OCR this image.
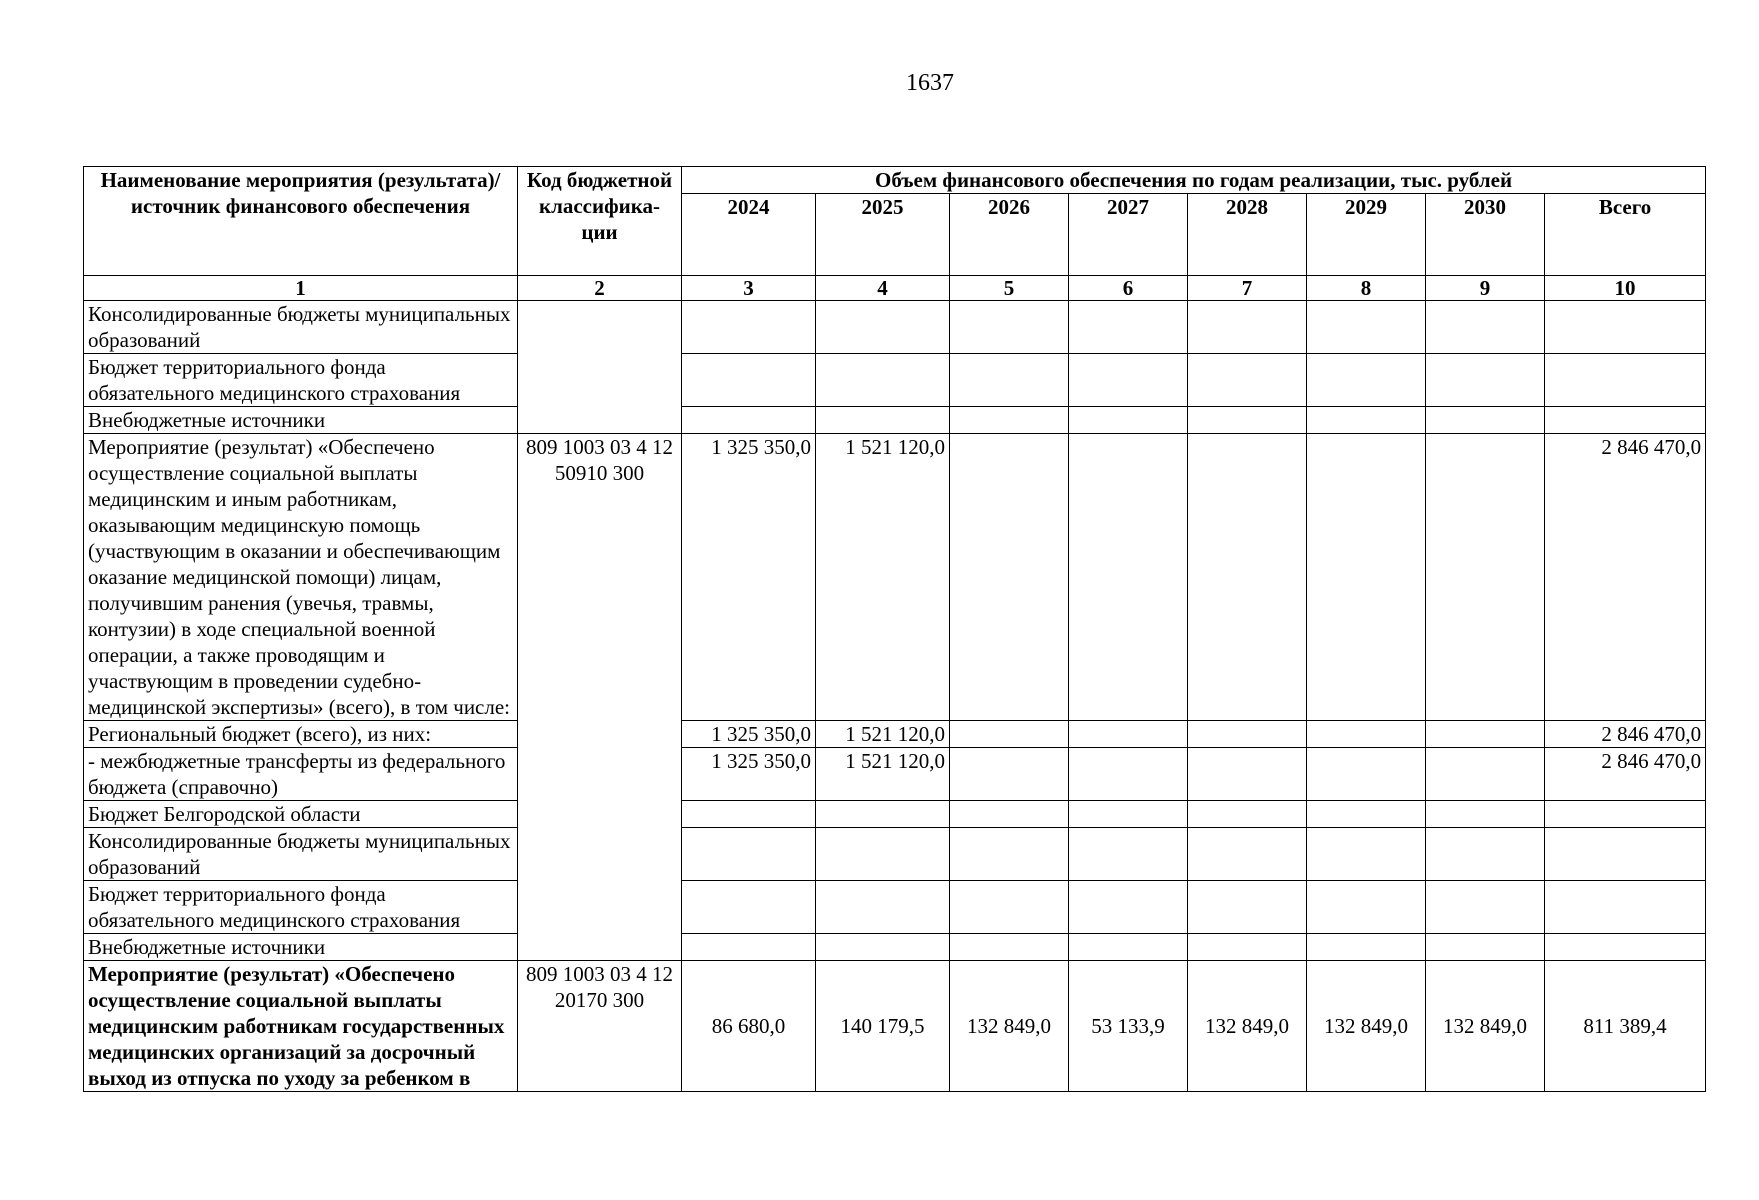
1637
Наименование мероприятия (результата)/ источник финансового обеспечения	Код бюджетной классифика-ции	Объем финансового обеспечения по годам реализации, тыс. рублей							
		2024	2025	2026	2027	2028	2029	2030	Всего
1	2	3	4	5	6	7	8	9	10
Консолидированные бюджеты муниципальных образований									
Бюджет территориального фонда обязательного медицинского страхования									
Внебюджетные источники									
Мероприятие (результат) «Обеспечено осуществление социальной выплаты медицинским и иным работникам, оказывающим медицинскую помощь (участвующим в оказании и обеспечивающим оказание медицинской помощи) лицам, получившим ранения (увечья, травмы, контузии) в ходе специальной военной операции, а также проводящим и участвующим в проведении судебно-медицинской экспертизы» (всего), в том числе:	809 1003 03 4 12 50910 300	1 325 350,0	1 521 120,0						2 846 470,0
Региональный бюджет (всего), из них:		1 325 350,0	1 521 120,0						2 846 470,0
- межбюджетные трансферты из федерального бюджета (справочно)		1 325 350,0	1 521 120,0						2 846 470,0
Бюджет Белгородской области									
Консолидированные бюджеты муниципальных образований									
Бюджет территориального фонда обязательного медицинского страхования									
Внебюджетные источники									
Мероприятие (результат) «Обеспечено осуществление социальной выплаты медицинским работникам государственных медицинских организаций за досрочный выход из отпуска по уходу за ребенком в	809 1003 03 4 12 20170 300	86 680,0	140 179,5	132 849,0	53 133,9	132 849,0	132 849,0	132 849,0	811 389,4
